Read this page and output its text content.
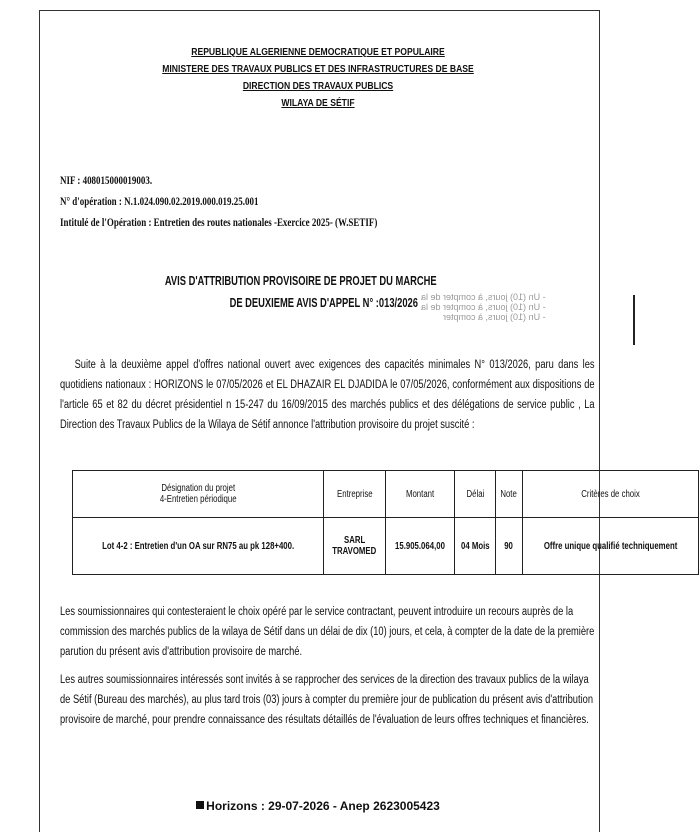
REPUBLIQUE ALGERIENNE DEMOCRATIQUE ET POPULAIRE
MINISTERE DES TRAVAUX PUBLICS ET DES INFRASTRUCTURES DE BASE
DIRECTION DES TRAVAUX PUBLICS
WILAYA DE SÉTIF
NIF : 408015000019003.
N° d'opération : N.1.024.090.02.2019.000.019.25.001
Intitulé de l'Opération : Entretien des routes nationales -Exercice 2025- (W.SETIF)
AVIS D'ATTRIBUTION PROVISOIRE DE PROJET DU MARCHE
DE DEUXIEME AVIS D'APPEL N° :013/2026 - Un (10) jours, à compter de la
- Un (10) jours, à compter de la
- Un (10) jours, à compter
Suite à la deuxième appel d'offres national ouvert avec exigences des capacités minimales N° 013/2026, paru dans les quotidiens nationaux : HORIZONS le 07/05/2026 et EL DHAZAIR EL DJADIDA le 07/05/2026, conformément aux dispositions de l'article 65 et 82 du décret présidentiel n 15-247 du 16/09/2015 des marchés publics et des délégations de service public , La Direction des Travaux Publics de la Wilaya de Sétif annonce l'attribution provisoire du projet suscité :
Désignation du projet
4-Entretien périodique	Entreprise	Montant	Délai	Note	Critères de choix
Lot 4-2 : Entretien d'un OA sur RN75 au pk 128+400.	SARL
TRAVOMED	15.905.064,00	04 Mois	90	Offre unique qualifié techniquement

Les soumissionnaires qui contesteraient le choix opéré par le service contractant, peuvent introduire un recours auprès de la commission des marchés publics de la wilaya de Sétif dans un délai de dix (10) jours, et cela, à compter de la date de la première parution du présent avis d'attribution provisoire de marché.

Les autres soumissionnaires intéressés sont invités à se rapprocher des services de la direction des travaux publics de la wilaya de Sétif (Bureau des marchés), au plus tard trois (03) jours à compter du première jour de publication du présent avis d'attribution provisoire de marché, pour prendre connaissance des résultats détaillés de l'évaluation de leurs offres techniques et financières.

Horizons : 29-07-2026 - Anep 2623005423
